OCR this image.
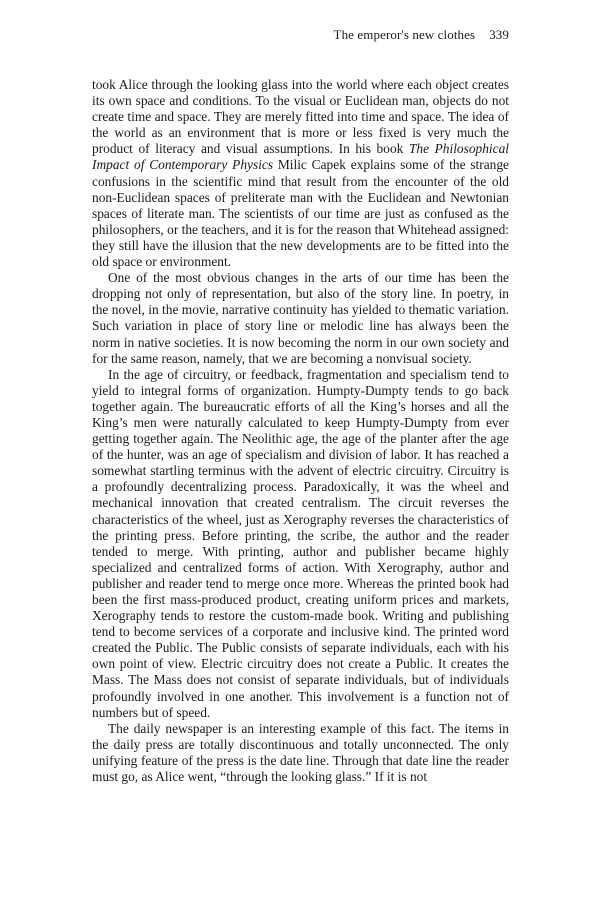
The emperor's new clothes 339

took Alice through the looking glass into the world where each object creates its own space and conditions. To the visual or Euclidean man, objects do not create time and space. They are merely fitted into time and space. The idea of the world as an environment that is more or less fixed is very much the product of literacy and visual assumptions. In his book The Philosophical Impact of Contemporary Physics Milic Capek explains some of the strange confusions in the scientific mind that result from the encounter of the old non-Euclidean spaces of preliterate man with the Euclidean and Newtonian spaces of literate man. The scientists of our time are just as confused as the philosophers, or the teachers, and it is for the reason that Whitehead assigned: they still have the illusion that the new developments are to be fitted into the old space or environment.

One of the most obvious changes in the arts of our time has been the dropping not only of representation, but also of the story line. In poetry, in the novel, in the movie, narrative continuity has yielded to thematic variation. Such variation in place of story line or melodic line has always been the norm in native societies. It is now becoming the norm in our own society and for the same reason, namely, that we are becoming a nonvisual society.

In the age of circuitry, or feedback, fragmentation and specialism tend to yield to integral forms of organization. Humpty-Dumpty tends to go back together again. The bureaucratic efforts of all the King’s horses and all the King’s men were naturally calculated to keep Humpty-Dumpty from ever getting together again. The Neolithic age, the age of the planter after the age of the hunter, was an age of specialism and division of labor. It has reached a somewhat startling terminus with the advent of electric circuitry. Circuitry is a profoundly decentralizing process. Paradoxically, it was the wheel and mechanical innovation that created centralism. The circuit reverses the characteristics of the wheel, just as Xerography reverses the characteristics of the printing press. Before printing, the scribe, the author and the reader tended to merge. With printing, author and publisher became highly specialized and centralized forms of action. With Xerography, author and publisher and reader tend to merge once more. Whereas the printed book had been the first mass-produced product, creating uniform prices and markets, Xerography tends to restore the custom-made book. Writing and publishing tend to become services of a corporate and inclusive kind. The printed word created the Public. The Public consists of separate individuals, each with his own point of view. Electric circuitry does not create a Public. It creates the Mass. The Mass does not consist of separate individuals, but of individuals profoundly involved in one another. This involvement is a function not of numbers but of speed.

The daily newspaper is an interesting example of this fact. The items in the daily press are totally discontinuous and totally unconnected. The only unifying feature of the press is the date line. Through that date line the reader must go, as Alice went, “through the looking glass.” If it is not
